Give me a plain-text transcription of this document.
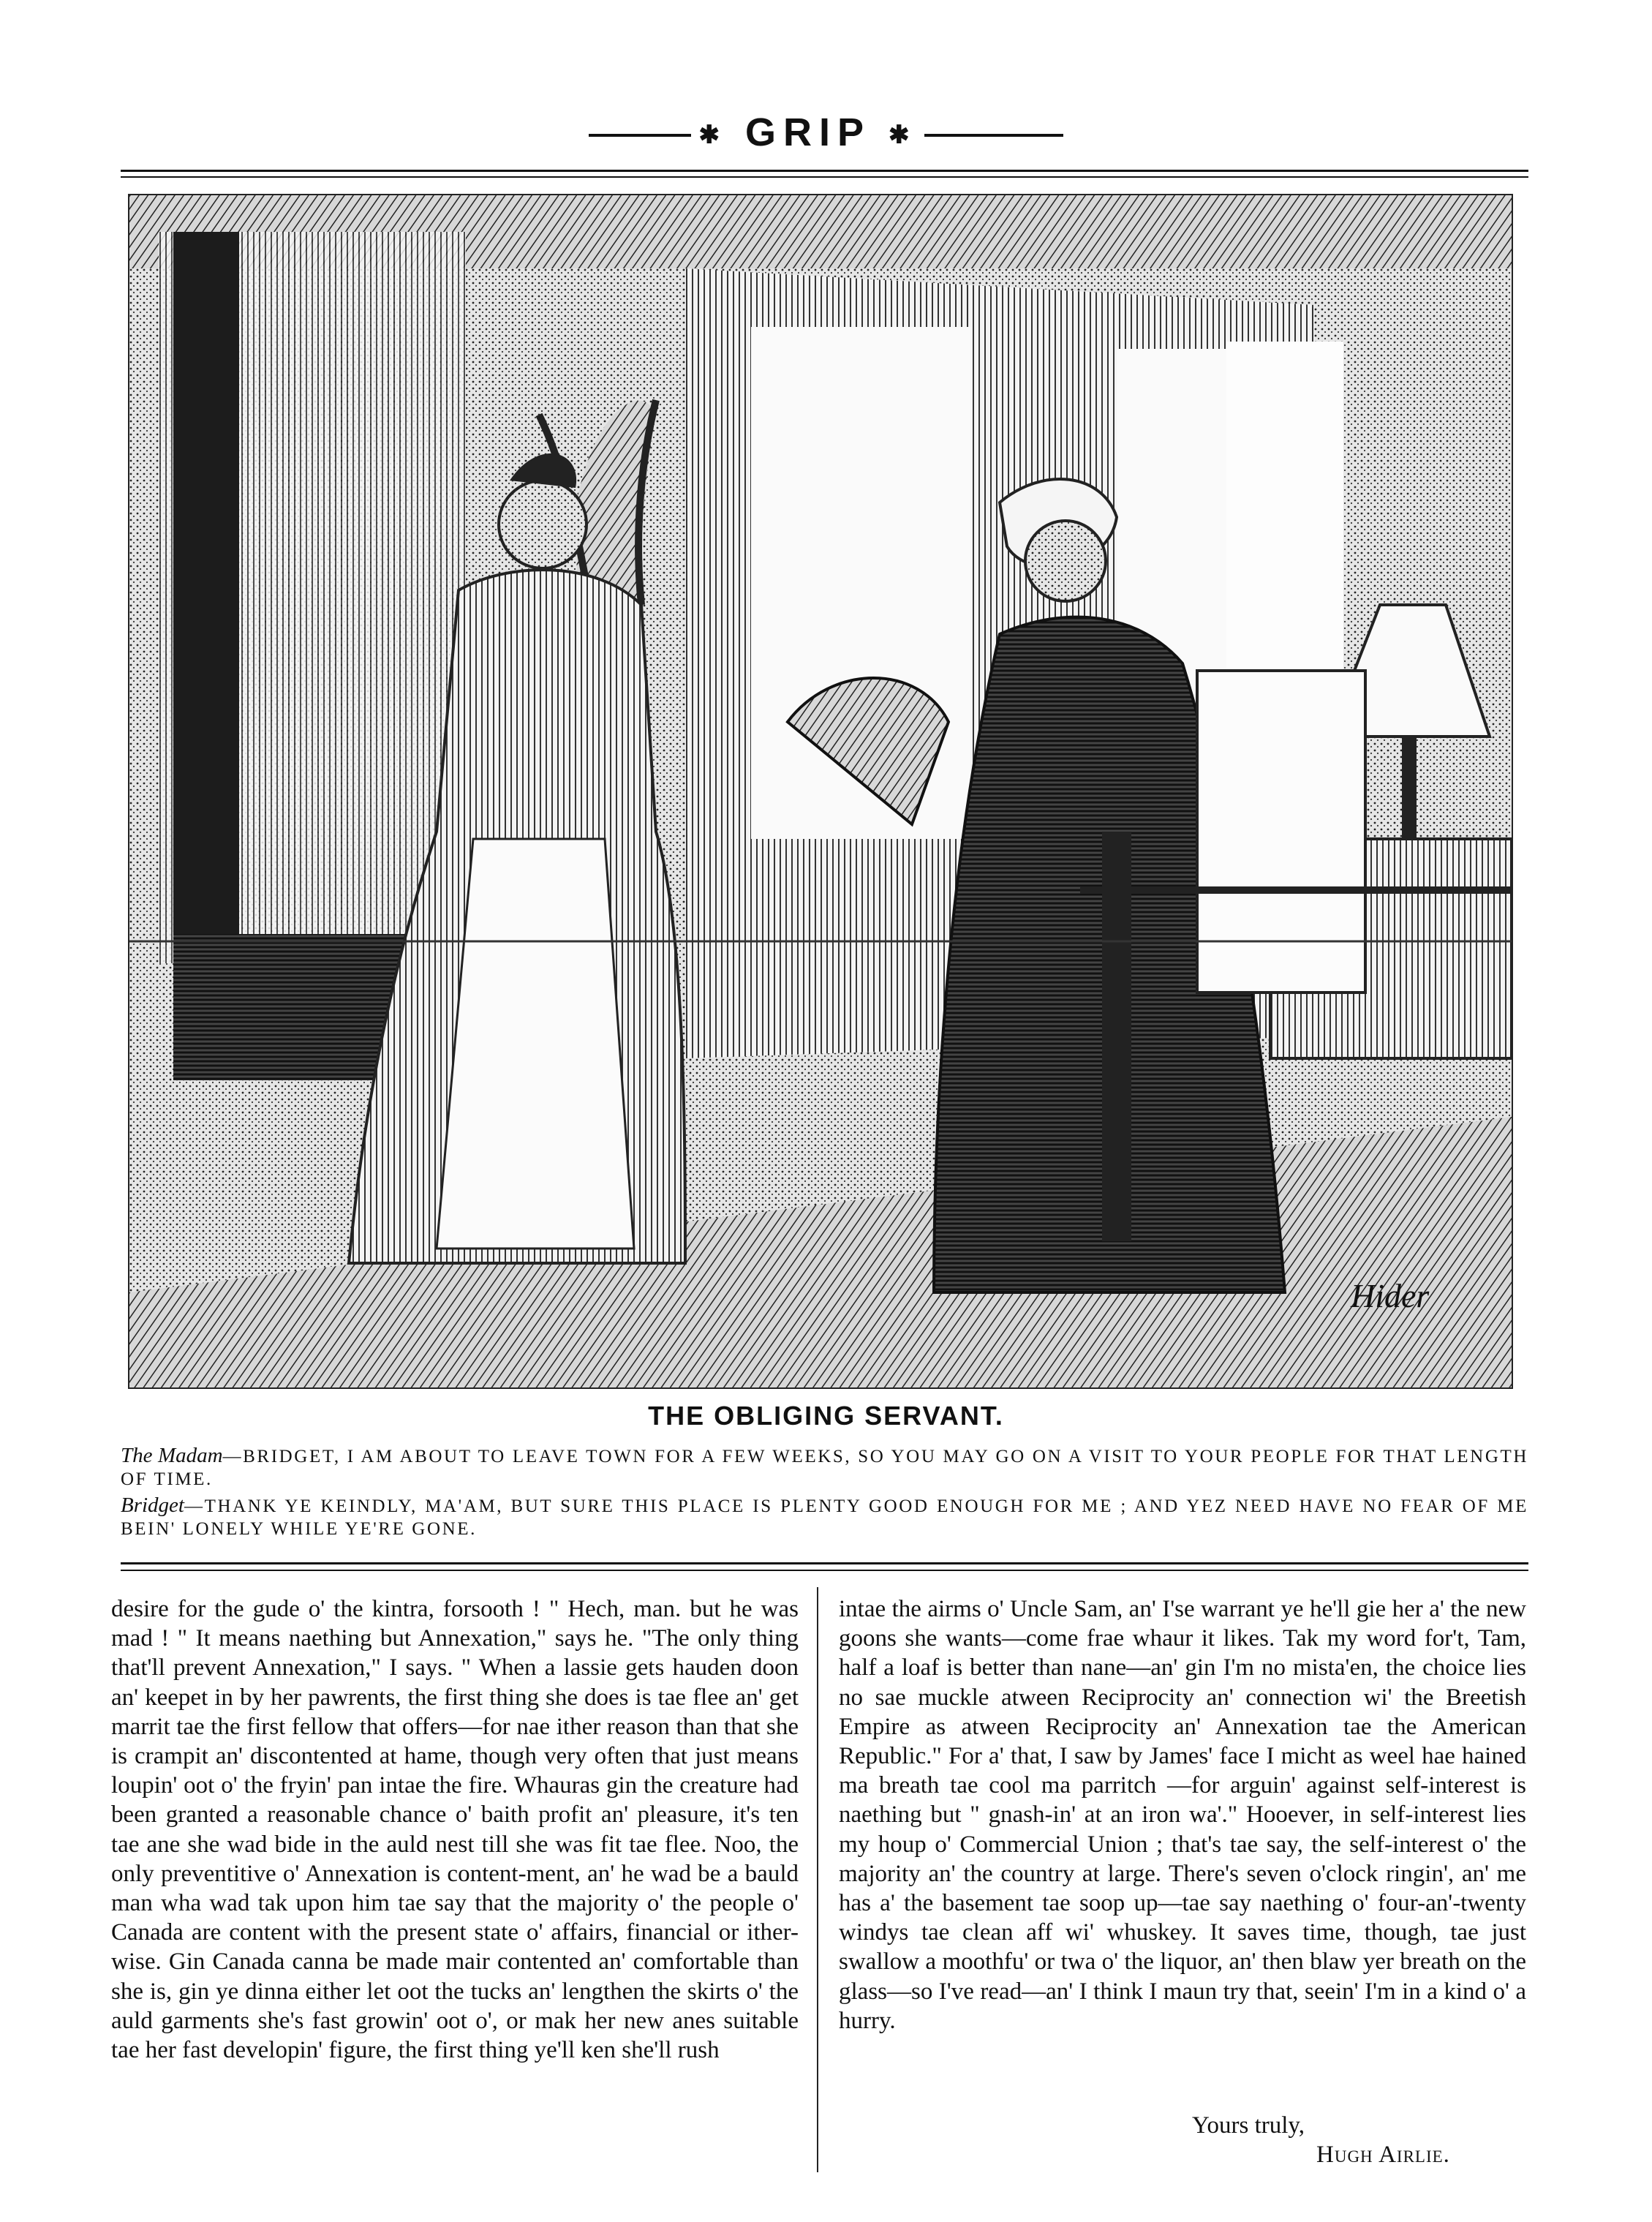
✱ GRIP ✱
Hider
THE OBLIGING SERVANT.
The Madam—BRIDGET, I AM ABOUT TO LEAVE TOWN FOR A FEW WEEKS, SO YOU MAY GO ON A VISIT TO YOUR PEOPLE FOR THAT LENGTH OF TIME.
Bridget—THANK YE KEINDLY, MA'AM, BUT SURE THIS PLACE IS PLENTY GOOD ENOUGH FOR ME ; AND YEZ NEED HAVE NO FEAR OF ME BEIN' LONELY WHILE YE'RE GONE.

desire for the gude o' the kintra, forsooth ! " Hech, man. but he was mad ! " It means naething but Annexation," says he. "The only thing that'll prevent Annexation," I says. " When a lassie gets hauden doon an' keepet in by her pawrents, the first thing she does is tae flee an' get marrit tae the first fellow that offers—for nae ither reason than that she is crampit an' discontented at hame, though very often that just means loupin' oot o' the fryin' pan intae the fire. Whauras gin the creature had been granted a reasonable chance o' baith profit an' pleasure, it's ten tae ane she wad bide in the auld nest till she was fit tae flee. Noo, the only preventitive o' Annexation is content-ment, an' he wad be a bauld man wha wad tak upon him tae say that the majority o' the people o' Canada are content with the present state o' affairs, financial or ither-wise. Gin Canada canna be made mair contented an' comfortable than she is, gin ye dinna either let oot the tucks an' lengthen the skirts o' the auld garments she's fast growin' oot o', or mak her new anes suitable tae her fast developin' figure, the first thing ye'll ken she'll rush

intae the airms o' Uncle Sam, an' I'se warrant ye he'll gie her a' the new goons she wants—come frae whaur it likes. Tak my word for't, Tam, half a loaf is better than nane—an' gin I'm no mista'en, the choice lies no sae muckle atween Reciprocity an' connection wi' the Breetish Empire as atween Reciprocity an' Annexation tae the American Republic." For a' that, I saw by James' face I micht as weel hae hained ma breath tae cool ma parritch —for arguin' against self-interest is naething but " gnash-in' at an iron wa'." Hooever, in self-interest lies my houp o' Commercial Union ; that's tae say, the self-interest o' the majority an' the country at large. There's seven o'clock ringin', an' me has a' the basement tae soop up—tae say naething o' four-an'-twenty windys tae clean aff wi' whuskey. It saves time, though, tae just swallow a moothfu' or twa o' the liquor, an' then blaw yer breath on the glass—so I've read—an' I think I maun try that, seein' I'm in a kind o' a hurry.

Yours truly,
Hugh Airlie.
